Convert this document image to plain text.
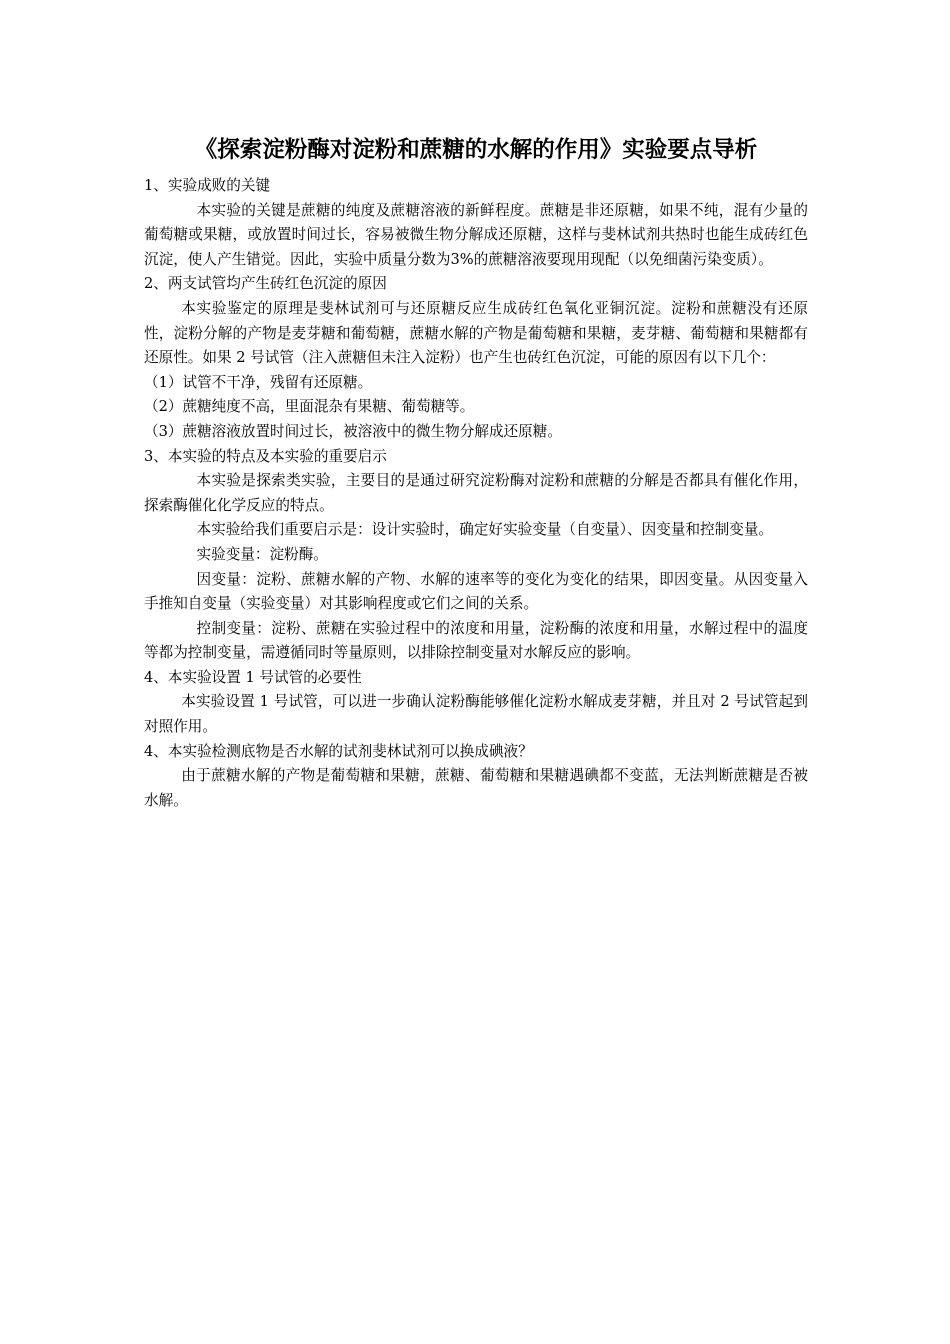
《探索淀粉酶对淀粉和蔗糖的水解的作用》实验要点导析

1、实验成败的关键

本实验的关键是蔗糖的纯度及蔗糖溶液的新鲜程度。蔗糖是非还原糖，如果不纯，混有少量的葡萄糖或果糖，或放置时间过长，容易被微生物分解成还原糖，这样与斐林试剂共热时也能生成砖红色沉淀，使人产生错觉。因此，实验中质量分数为3%的蔗糖溶液要现用现配（以免细菌污染变质）。

2、两支试管均产生砖红色沉淀的原因

本实验鉴定的原理是斐林试剂可与还原糖反应生成砖红色氧化亚铜沉淀。淀粉和蔗糖没有还原性，淀粉分解的产物是麦芽糖和葡萄糖，蔗糖水解的产物是葡萄糖和果糖，麦芽糖、葡萄糖和果糖都有还原性。如果 2 号试管（注入蔗糖但未注入淀粉）也产生也砖红色沉淀，可能的原因有以下几个：

（1）试管不干净，残留有还原糖。

（2）蔗糖纯度不高，里面混杂有果糖、葡萄糖等。

（3）蔗糖溶液放置时间过长，被溶液中的微生物分解成还原糖。

3、本实验的特点及本实验的重要启示

本实验是探索类实验，主要目的是通过研究淀粉酶对淀粉和蔗糖的分解是否都具有催化作用，探索酶催化化学反应的特点。

本实验给我们重要启示是：设计实验时，确定好实验变量（自变量）、因变量和控制变量。

实验变量：淀粉酶。

因变量：淀粉、蔗糖水解的产物、水解的速率等的变化为变化的结果，即因变量。从因变量入手推知自变量（实验变量）对其影响程度或它们之间的关系。

控制变量：淀粉、蔗糖在实验过程中的浓度和用量，淀粉酶的浓度和用量，水解过程中的温度等都为控制变量，需遵循同时等量原则，以排除控制变量对水解反应的影响。

4、本实验设置 1 号试管的必要性

本实验设置 1 号试管，可以进一步确认淀粉酶能够催化淀粉水解成麦芽糖，并且对 2 号试管起到对照作用。

4、本实验检测底物是否水解的试剂斐林试剂可以换成碘液？

由于蔗糖水解的产物是葡萄糖和果糖，蔗糖、葡萄糖和果糖遇碘都不变蓝，无法判断蔗糖是否被水解。
